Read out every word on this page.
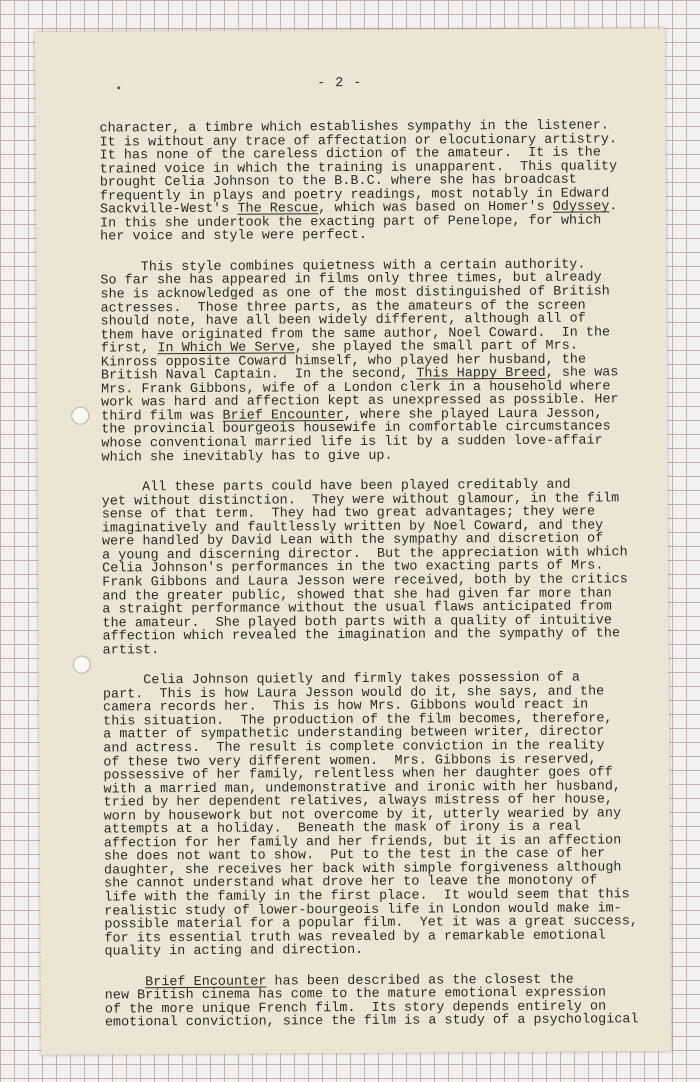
- 2 -

character, a timbre which establishes sympathy in the listener.
It is without any trace of affectation or elocutionary artistry.
It has none of the careless diction of the amateur.  It is the
trained voice in which the training is unapparent.  This quality
brought Celia Johnson to the B.B.C. where she has broadcast
frequently in plays and poetry readings, most notably in Edward
Sackville-West's The Rescue, which was based on Homer's Odyssey.
In this she undertook the exacting part of Penelope, for which
her voice and style were perfect.
This style combines quietness with a certain authority.
So far she has appeared in films only three times, but already
she is acknowledged as one of the most distinguished of British
actresses.  Those three parts, as the amateurs of the screen
should note, have all been widely different, although all of
them have originated from the same author, Noel Coward.  In the
first, In Which We Serve, she played the small part of Mrs.
Kinross opposite Coward himself, who played her husband, the
British Naval Captain.  In the second, This Happy Breed, she was
Mrs. Frank Gibbons, wife of a London clerk in a household where
work was hard and affection kept as unexpressed as possible. Her
third film was Brief Encounter, where she played Laura Jesson,
the provincial bourgeois housewife in comfortable circumstances
whose conventional married life is lit by a sudden love-affair
which she inevitably has to give up.
All these parts could have been played creditably and
yet without distinction.  They were without glamour, in the film
sense of that term.  They had two great advantages; they were
imaginatively and faultlessly written by Noel Coward, and they
were handled by David Lean with the sympathy and discretion of
a young and discerning director.  But the appreciation with which
Celia Johnson's performances in the two exacting parts of Mrs.
Frank Gibbons and Laura Jesson were received, both by the critics
and the greater public, showed that she had given far more than
a straight performance without the usual flaws anticipated from
the amateur.  She played both parts with a quality of intuitive
affection which revealed the imagination and the sympathy of the
artist.
Celia Johnson quietly and firmly takes possession of a
part.  This is how Laura Jesson would do it, she says, and the
camera records her.  This is how Mrs. Gibbons would react in
this situation.  The production of the film becomes, therefore,
a matter of sympathetic understanding between writer, director
and actress.  The result is complete conviction in the reality
of these two very different women.  Mrs. Gibbons is reserved,
possessive of her family, relentless when her daughter goes off
with a married man, undemonstrative and ironic with her husband,
tried by her dependent relatives, always mistress of her house,
worn by housework but not overcome by it, utterly wearied by any
attempts at a holiday.  Beneath the mask of irony is a real
affection for her family and her friends, but it is an affection
she does not want to show.  Put to the test in the case of her
daughter, she receives her back with simple forgiveness although
she cannot understand what drove her to leave the monotony of
life with the family in the first place.  It would seem that this
realistic study of lower-bourgeois life in London would make im-
possible material for a popular film.  Yet it was a great success,
for its essential truth was revealed by a remarkable emotional
quality in acting and direction.
Brief Encounter has been described as the closest the
new British cinema has come to the mature emotional expression
of the more unique French film.  Its story depends entirely on
emotional conviction, since the film is a study of a psychological
